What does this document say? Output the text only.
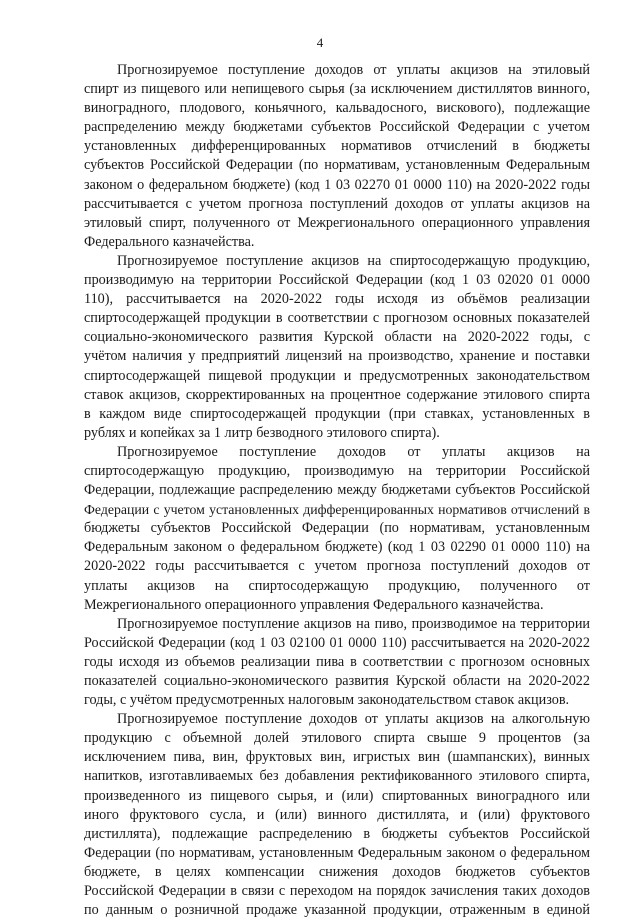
4
Прогнозируемое поступление доходов от уплаты акцизов на этиловый
спирт из пищевого или непищевого сырья (за исключением дистиллятов винного,
виноградного, плодового, коньячного, кальвадосного, вискового), подлежащие
распределению между бюджетами субъектов Российской Федерации с учетом
установленных дифференцированных нормативов отчислений в бюджеты
субъектов Российской Федерации (по нормативам, установленным Федеральным
законом о федеральном бюджете) (код 1 03 02270 01 0000 110) на 2020-2022 годы
рассчитывается с учетом прогноза поступлений доходов от уплаты акцизов на
этиловый спирт, полученного от Межрегионального операционного управления
Федерального казначейства.
Прогнозируемое поступление акцизов на спиртосодержащую продукцию,
производимую на территории Российской Федерации (код 1 03 02020 01 0000
110), рассчитывается на 2020-2022 годы исходя из объёмов реализации
спиртосодержащей продукции в соответствии с прогнозом основных показателей
социально-экономического развития Курской области на 2020-2022 годы, с
учётом наличия у предприятий лицензий на производство, хранение и поставки
спиртосодержащей пищевой продукции и предусмотренных законодательством
ставок акцизов, скорректированных на процентное содержание этилового спирта
в каждом виде спиртосодержащей продукции (при ставках, установленных в
рублях и копейках за 1 литр безводного этилового спирта).
Прогнозируемое поступление доходов от уплаты акцизов на
спиртосодержащую продукцию, производимую на территории Российской
Федерации, подлежащие распределению между бюджетами субъектов Российской
Федерации с учетом установленных дифференцированных нормативов отчислений в
бюджеты субъектов Российской Федерации (по нормативам, установленным
Федеральным законом о федеральном бюджете) (код 1 03 02290 01 0000 110) на
2020-2022 годы рассчитывается с учетом прогноза поступлений доходов от
уплаты акцизов на спиртосодержащую продукцию, полученного от
Межрегионального операционного управления Федерального казначейства.
Прогнозируемое поступление акцизов на пиво, производимое на территории
Российской Федерации (код 1 03 02100 01 0000 110) рассчитывается на 2020-2022
годы исходя из объемов реализации пива в соответствии с прогнозом основных
показателей социально-экономического развития Курской области на 2020-2022
годы, с учётом предусмотренных налоговым законодательством ставок акцизов.
Прогнозируемое поступление доходов от уплаты акцизов на алкогольную
продукцию с объемной долей этилового спирта свыше 9 процентов (за
исключением пива, вин, фруктовых вин, игристых вин (шампанских), винных
напитков, изготавливаемых без добавления ректификованного этилового спирта,
произведенного из пищевого сырья, и (или) спиртованных виноградного или
иного фруктового сусла, и (или) винного дистиллята, и (или) фруктового
дистиллята), подлежащие распределению в бюджеты субъектов Российской
Федерации (по нормативам, установленным Федеральным законом о федеральном
бюджете, в целях компенсации снижения доходов бюджетов субъектов
Российской Федерации в связи с переходом на порядок зачисления таких доходов
по данным о розничной продаже указанной продукции, отраженным в единой
